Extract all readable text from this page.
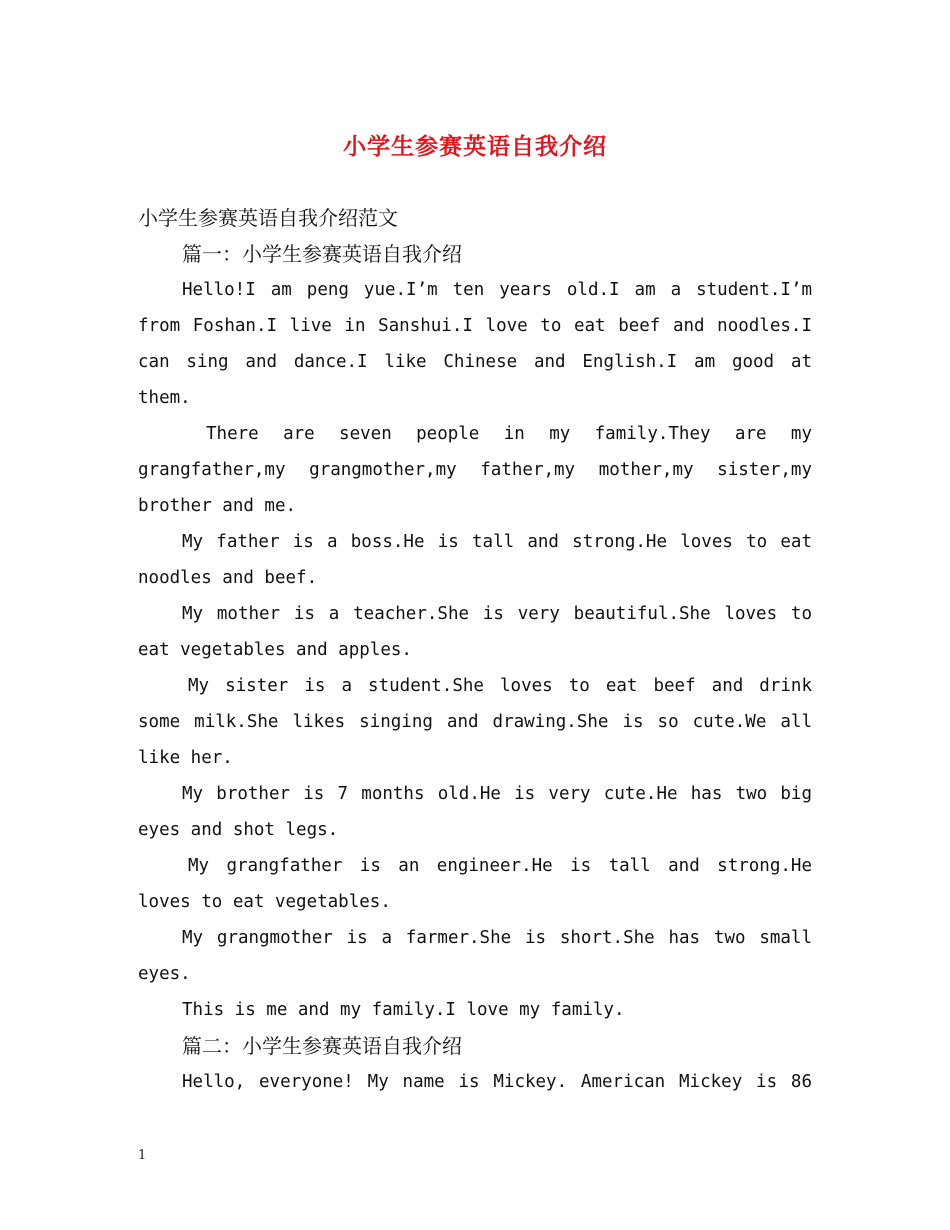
小学生参赛英语自我介绍
小学生参赛英语自我介绍范文
篇一：小学生参赛英语自我介绍
Hello!I am peng yue.I’m ten years old.I am a student.I’m
from Foshan.I live in Sanshui.I love to eat beef and noodles.I
can sing and dance.I like Chinese and English.I am good at
them.
There are seven people in my family.They are my
grangfather,my grangmother,my father,my mother,my sister,my
brother and me.
My father is a boss.He is tall and strong.He loves to eat
noodles and beef.
My mother is a teacher.She is very beautiful.She loves to
eat vegetables and apples.
My sister is a student.She loves to eat beef and drink
some milk.She likes singing and drawing.She is so cute.We all
like her.
My brother is 7 months old.He is very cute.He has two big
eyes and shot legs.
My grangfather is an engineer.He is tall and strong.He
loves to eat vegetables.
My grangmother is a farmer.She is short.She has two small
eyes.
This is me and my family.I love my family.
篇二：小学生参赛英语自我介绍
Hello, everyone! My name is Mickey. American Mickey is 86
1
